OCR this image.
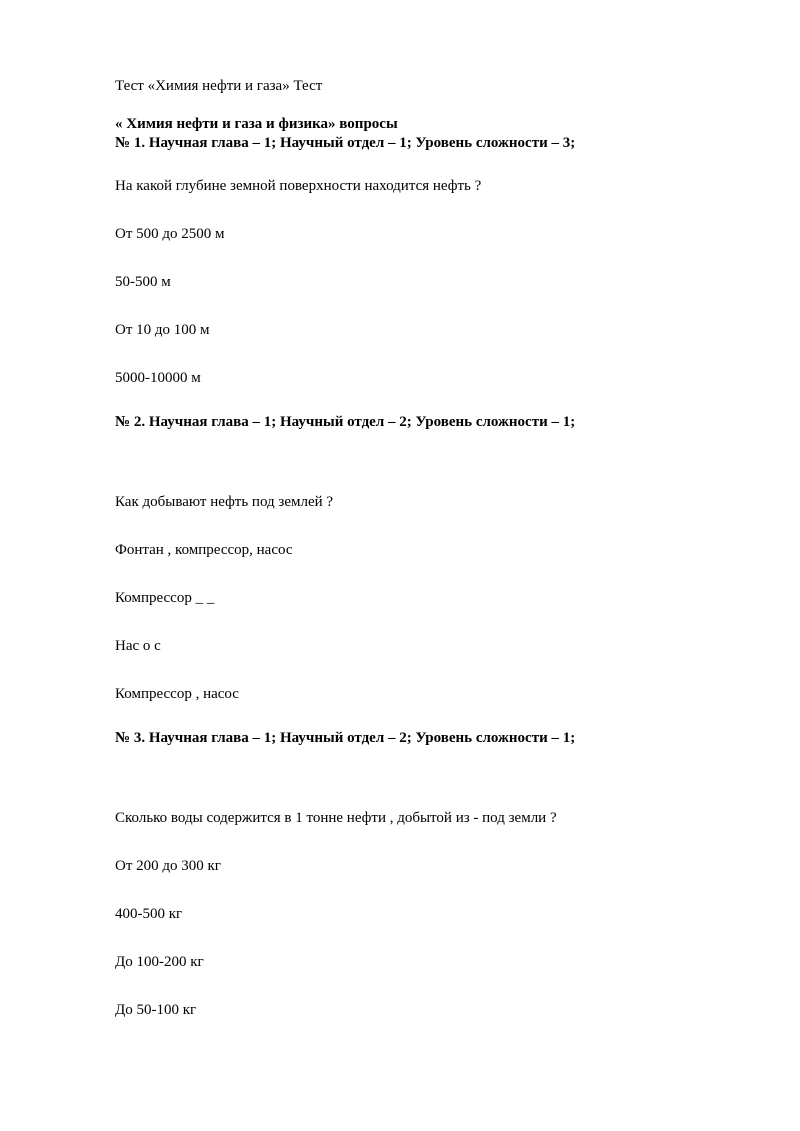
Тест «Химия нефти и газа» Тест
« Химия нефти и газа и физика» вопросы
№ 1. Научная глава – 1; Научный отдел – 1; Уровень сложности – 3;
На какой глубине земной поверхности находится нефть ?
От 500 до 2500 м
50-500 м
От 10 до 100 м
5000-10000 м
№ 2. Научная глава – 1; Научный отдел – 2; Уровень сложности – 1;
Как добывают нефть под землей ?
Фонтан , компрессор, насос
Компрессор _ _
Нас о с
Компрессор , насос
№ 3. Научная глава – 1; Научный отдел – 2; Уровень сложности – 1;
Сколько воды содержится в 1 тонне нефти , добытой из - под земли ?
От 200 до 300 кг
400-500 кг
До 100-200 кг
До 50-100 кг
